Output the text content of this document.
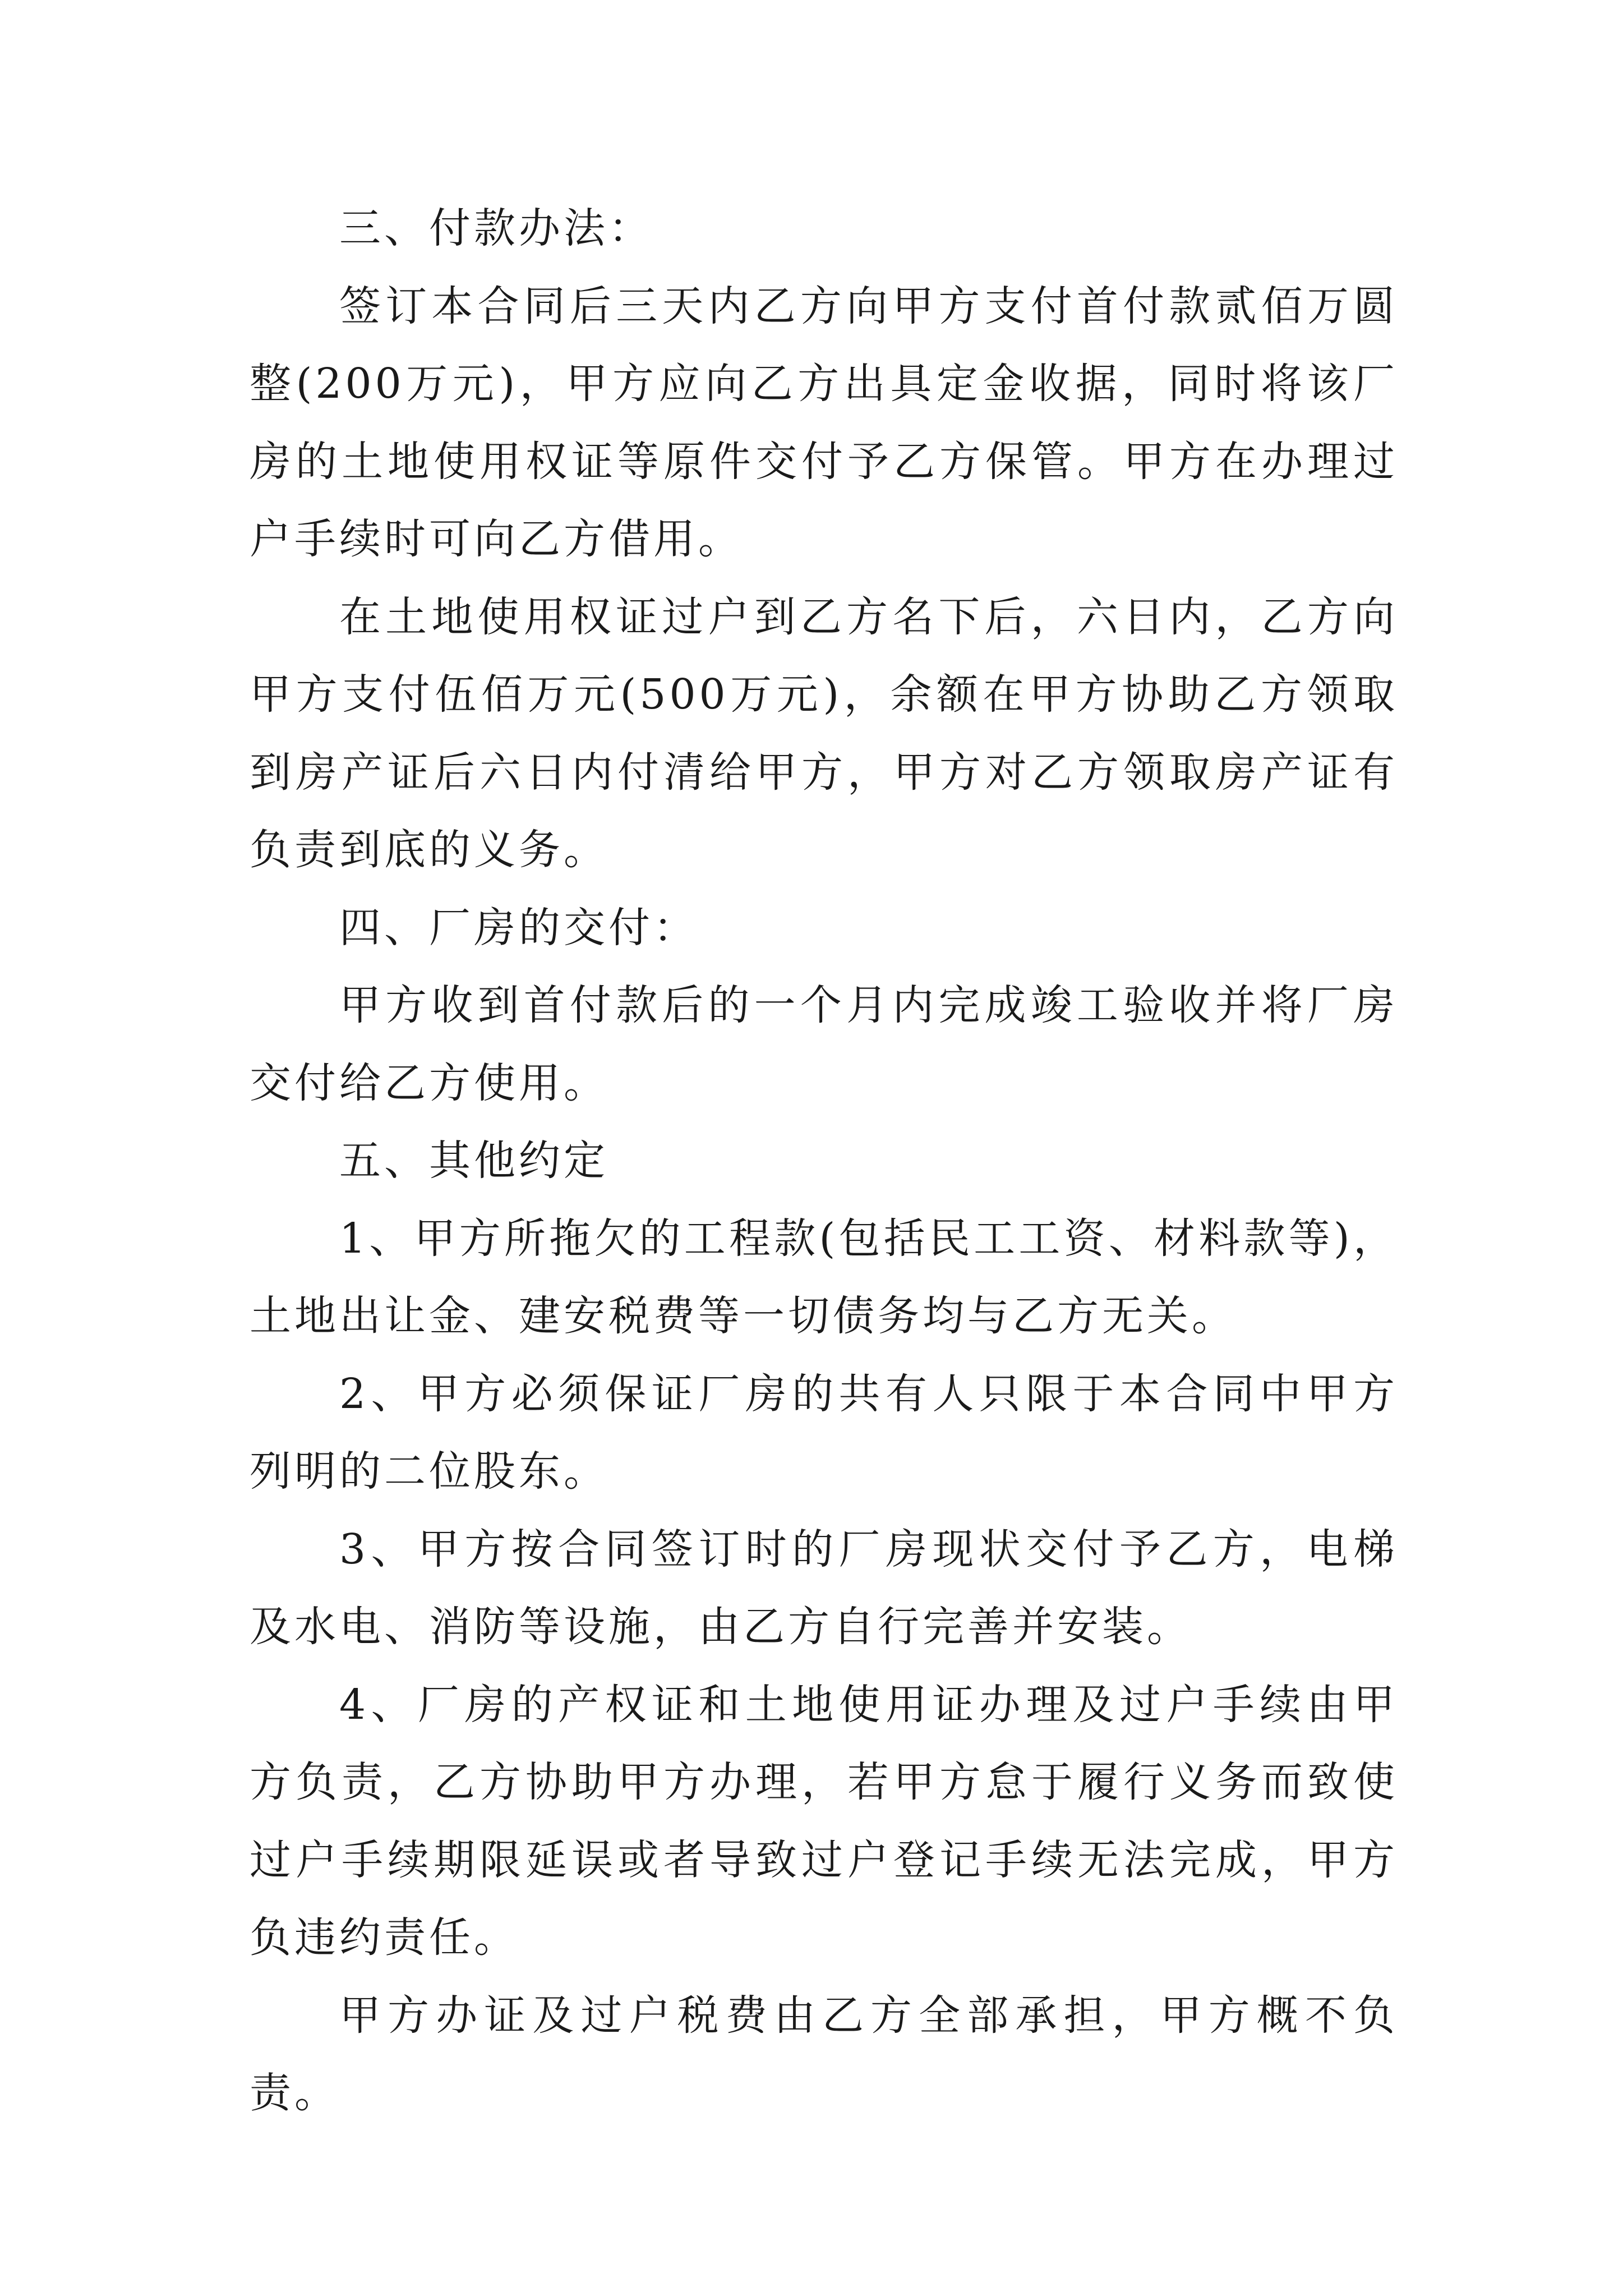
三、付款办法：

签订本合同后三天内乙方向甲方支付首付款贰佰万圆整(200万元)，甲方应向乙方出具定金收据，同时将该厂房的土地使用权证等原件交付予乙方保管。甲方在办理过户手续时可向乙方借用。

在土地使用权证过户到乙方名下后，六日内，乙方向甲方支付伍佰万元(500万元)，余额在甲方协助乙方领取到房产证后六日内付清给甲方，甲方对乙方领取房产证有负责到底的义务。

四、厂房的交付：

甲方收到首付款后的一个月内完成竣工验收并将厂房交付给乙方使用。

五、其他约定

1、甲方所拖欠的工程款(包括民工工资、材料款等)，土地出让金、建安税费等一切债务均与乙方无关。

2、甲方必须保证厂房的共有人只限于本合同中甲方列明的二位股东。

3、甲方按合同签订时的厂房现状交付予乙方，电梯及水电、消防等设施，由乙方自行完善并安装。

4、厂房的产权证和土地使用证办理及过户手续由甲方负责，乙方协助甲方办理，若甲方怠于履行义务而致使过户手续期限延误或者导致过户登记手续无法完成，甲方负违约责任。

甲方办证及过户税费由乙方全部承担，甲方概不负责。
